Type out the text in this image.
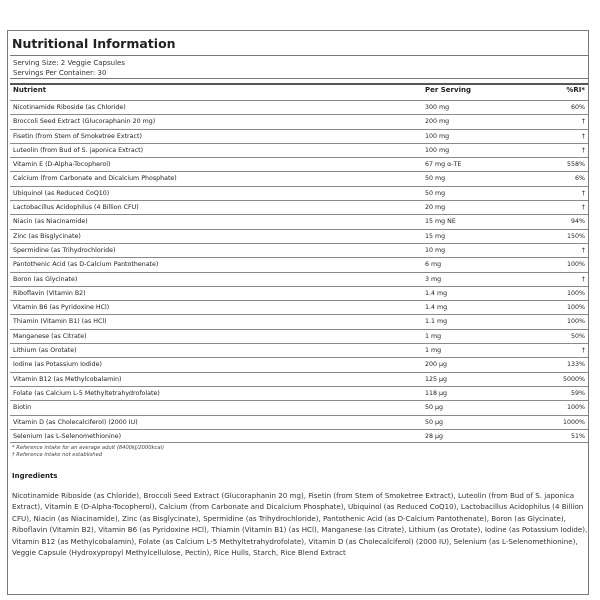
Nutritional Information
Serving Size: 2 Veggie Capsules
Servings Per Container: 30
Nutrient	Per Serving	%RI*
Nicotinamide Riboside (as Chloride)	300 mg	60%
Broccoli Seed Extract (Glucoraphanin 20 mg)	200 mg	†
Fisetin (from Stem of Smoketree Extract)	100 mg	†
Luteolin (from Bud of S. japonica Extract)	100 mg	†
Vitamin E (D-Alpha-Tocopherol)	67 mg α-TE	558%
Calcium (from Carbonate and Dicalcium Phosphate)	50 mg	6%
Ubiquinol (as Reduced CoQ10)	50 mg	†
Lactobacillus Acidophilus (4 Billion CFU)	20 mg	†
Niacin (as Niacinamide)	15 mg NE	94%
Zinc (as Bisglycinate)	15 mg	150%
Spermidine (as Trihydrochloride)	10 mg	†
Pantothenic Acid (as D-Calcium Pantothenate)	6 mg	100%
Boron (as Glycinate)	3 mg	†
Riboflavin (Vitamin B2)	1.4 mg	100%
Vitamin B6 (as Pyridoxine HCl)	1.4 mg	100%
Thiamin (Vitamin B1) (as HCl)	1.1 mg	100%
Manganese (as Citrate)	1 mg	50%
Lithium (as Orotate)	1 mg	†
Iodine (as Potassium Iodide)	200 μg	133%
Vitamin B12 (as Methylcobalamin)	125 μg	5000%
Folate (as Calcium L-5 Methyltetrahydrofolate)	118 μg	59%
Biotin	50 μg	100%
Vitamin D (as Cholecalciferol) (2000 IU)	50 μg	1000%
Selenium (as L-Selenomethionine)	28 μg	51%
* Reference intake for an average adult (8400kJ/2000kcal)
† Reference intake not established
Ingredients
Nicotinamide Riboside (as Chloride), Broccoli Seed Extract (Glucoraphanin 20 mg), Fisetin (from Stem of Smoketree Extract), Luteolin (from Bud of S. japonica Extract), Vitamin E (D-Alpha-Tocopherol), Calcium (from Carbonate and Dicalcium Phosphate), Ubiquinol (as Reduced CoQ10), Lactobacillus Acidophilus (4 Billion CFU), Niacin (as Niacinamide), Zinc (as Bisglycinate), Spermidine (as Trihydrochloride), Pantothenic Acid (as D-Calcium Pantothenate), Boron (as Glycinate), Riboflavin (Vitamin B2), Vitamin B6 (as Pyridoxine HCl), Thiamin (Vitamin B1) (as HCl), Manganese (as Citrate), Lithium (as Orotate), Iodine (as Potassium Iodide), Vitamin B12 (as Methylcobalamin), Folate (as Calcium L-5 Methyltetrahydrofolate), Vitamin D (as Cholecalciferol) (2000 IU), Selenium (as L-Selenomethionine), Veggie Capsule (Hydroxypropyl Methylcellulose, Pectin), Rice Hulls, Starch, Rice Blend Extract
